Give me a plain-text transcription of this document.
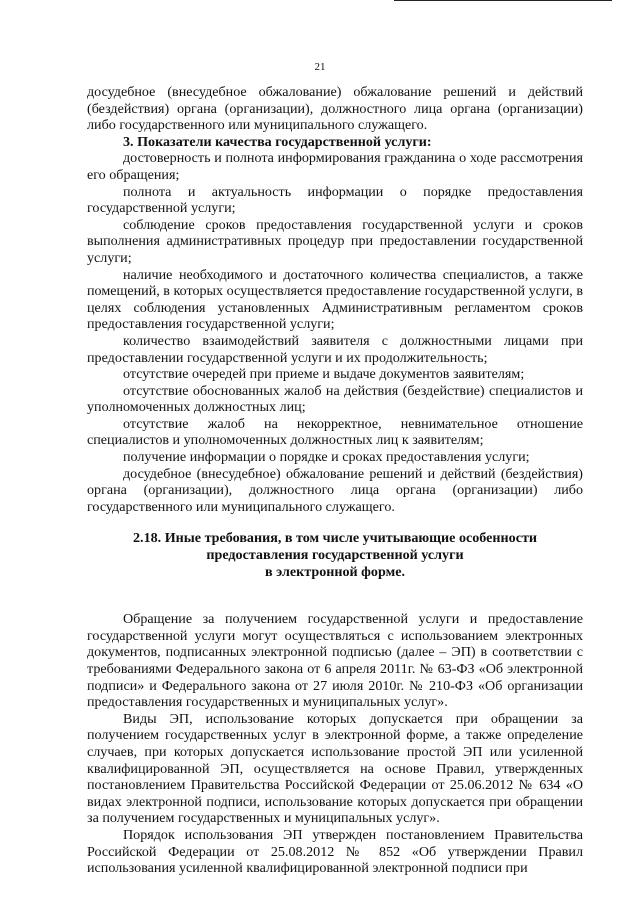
21

досудебное (внесудебное обжалование) обжалование решений и действий (бездействия) органа (организации), должностного лица органа (организации) либо государственного или муниципального служащего.

3. Показатели качества государственной услуги:

достоверность и полнота информирования гражданина о ходе рассмотрения его обращения;

полнота и актуальность информации о порядке предоставления государственной услуги;

соблюдение сроков предоставления государственной услуги и сроков выполнения административных процедур при предоставлении государственной услуги;

наличие необходимого и достаточного количества специалистов, а также помещений, в которых осуществляется предоставление государственной услуги, в целях соблюдения установленных Административным регламентом сроков предоставления государственной услуги;

количество взаимодействий заявителя с должностными лицами при предоставлении государственной услуги и их продолжительность;

отсутствие очередей при приеме и выдаче документов заявителям;

отсутствие обоснованных жалоб на действия (бездействие) специалистов и уполномоченных должностных лиц;

отсутствие жалоб на некорректное, невнимательное отношение специалистов и уполномоченных должностных лиц к заявителям;

получение информации о порядке и сроках предоставления услуги;

досудебное (внесудебное) обжалование решений и действий (бездействия) органа (организации), должностного лица органа (организации) либо государственного или муниципального служащего.

2.18. Иные требования, в том числе учитывающие особенности
предоставления государственной услуги
в электронной форме.

Обращение за получением государственной услуги и предоставление государственной услуги могут осуществляться с использованием электронных документов, подписанных электронной подписью (далее – ЭП) в соответствии с требованиями Федерального закона от 6 апреля 2011г. № 63-ФЗ «Об электронной подписи» и Федерального закона от 27 июля 2010г. № 210-ФЗ «Об организации предоставления государственных и муниципальных услуг».

Виды ЭП, использование которых допускается при обращении за получением государственных услуг в электронной форме, а также определение случаев, при которых допускается использование простой ЭП или усиленной квалифицированной ЭП, осуществляется на основе Правил, утвержденных постановлением Правительства Российской Федерации от 25.06.2012 № 634 «О видах электронной подписи, использование которых допускается при обращении за получением государственных и муниципальных услуг».

Порядок использования ЭП утвержден постановлением Правительства Российской Федерации от 25.08.2012 № 852 «Об утверждении Правил использования усиленной квалифицированной электронной подписи при
